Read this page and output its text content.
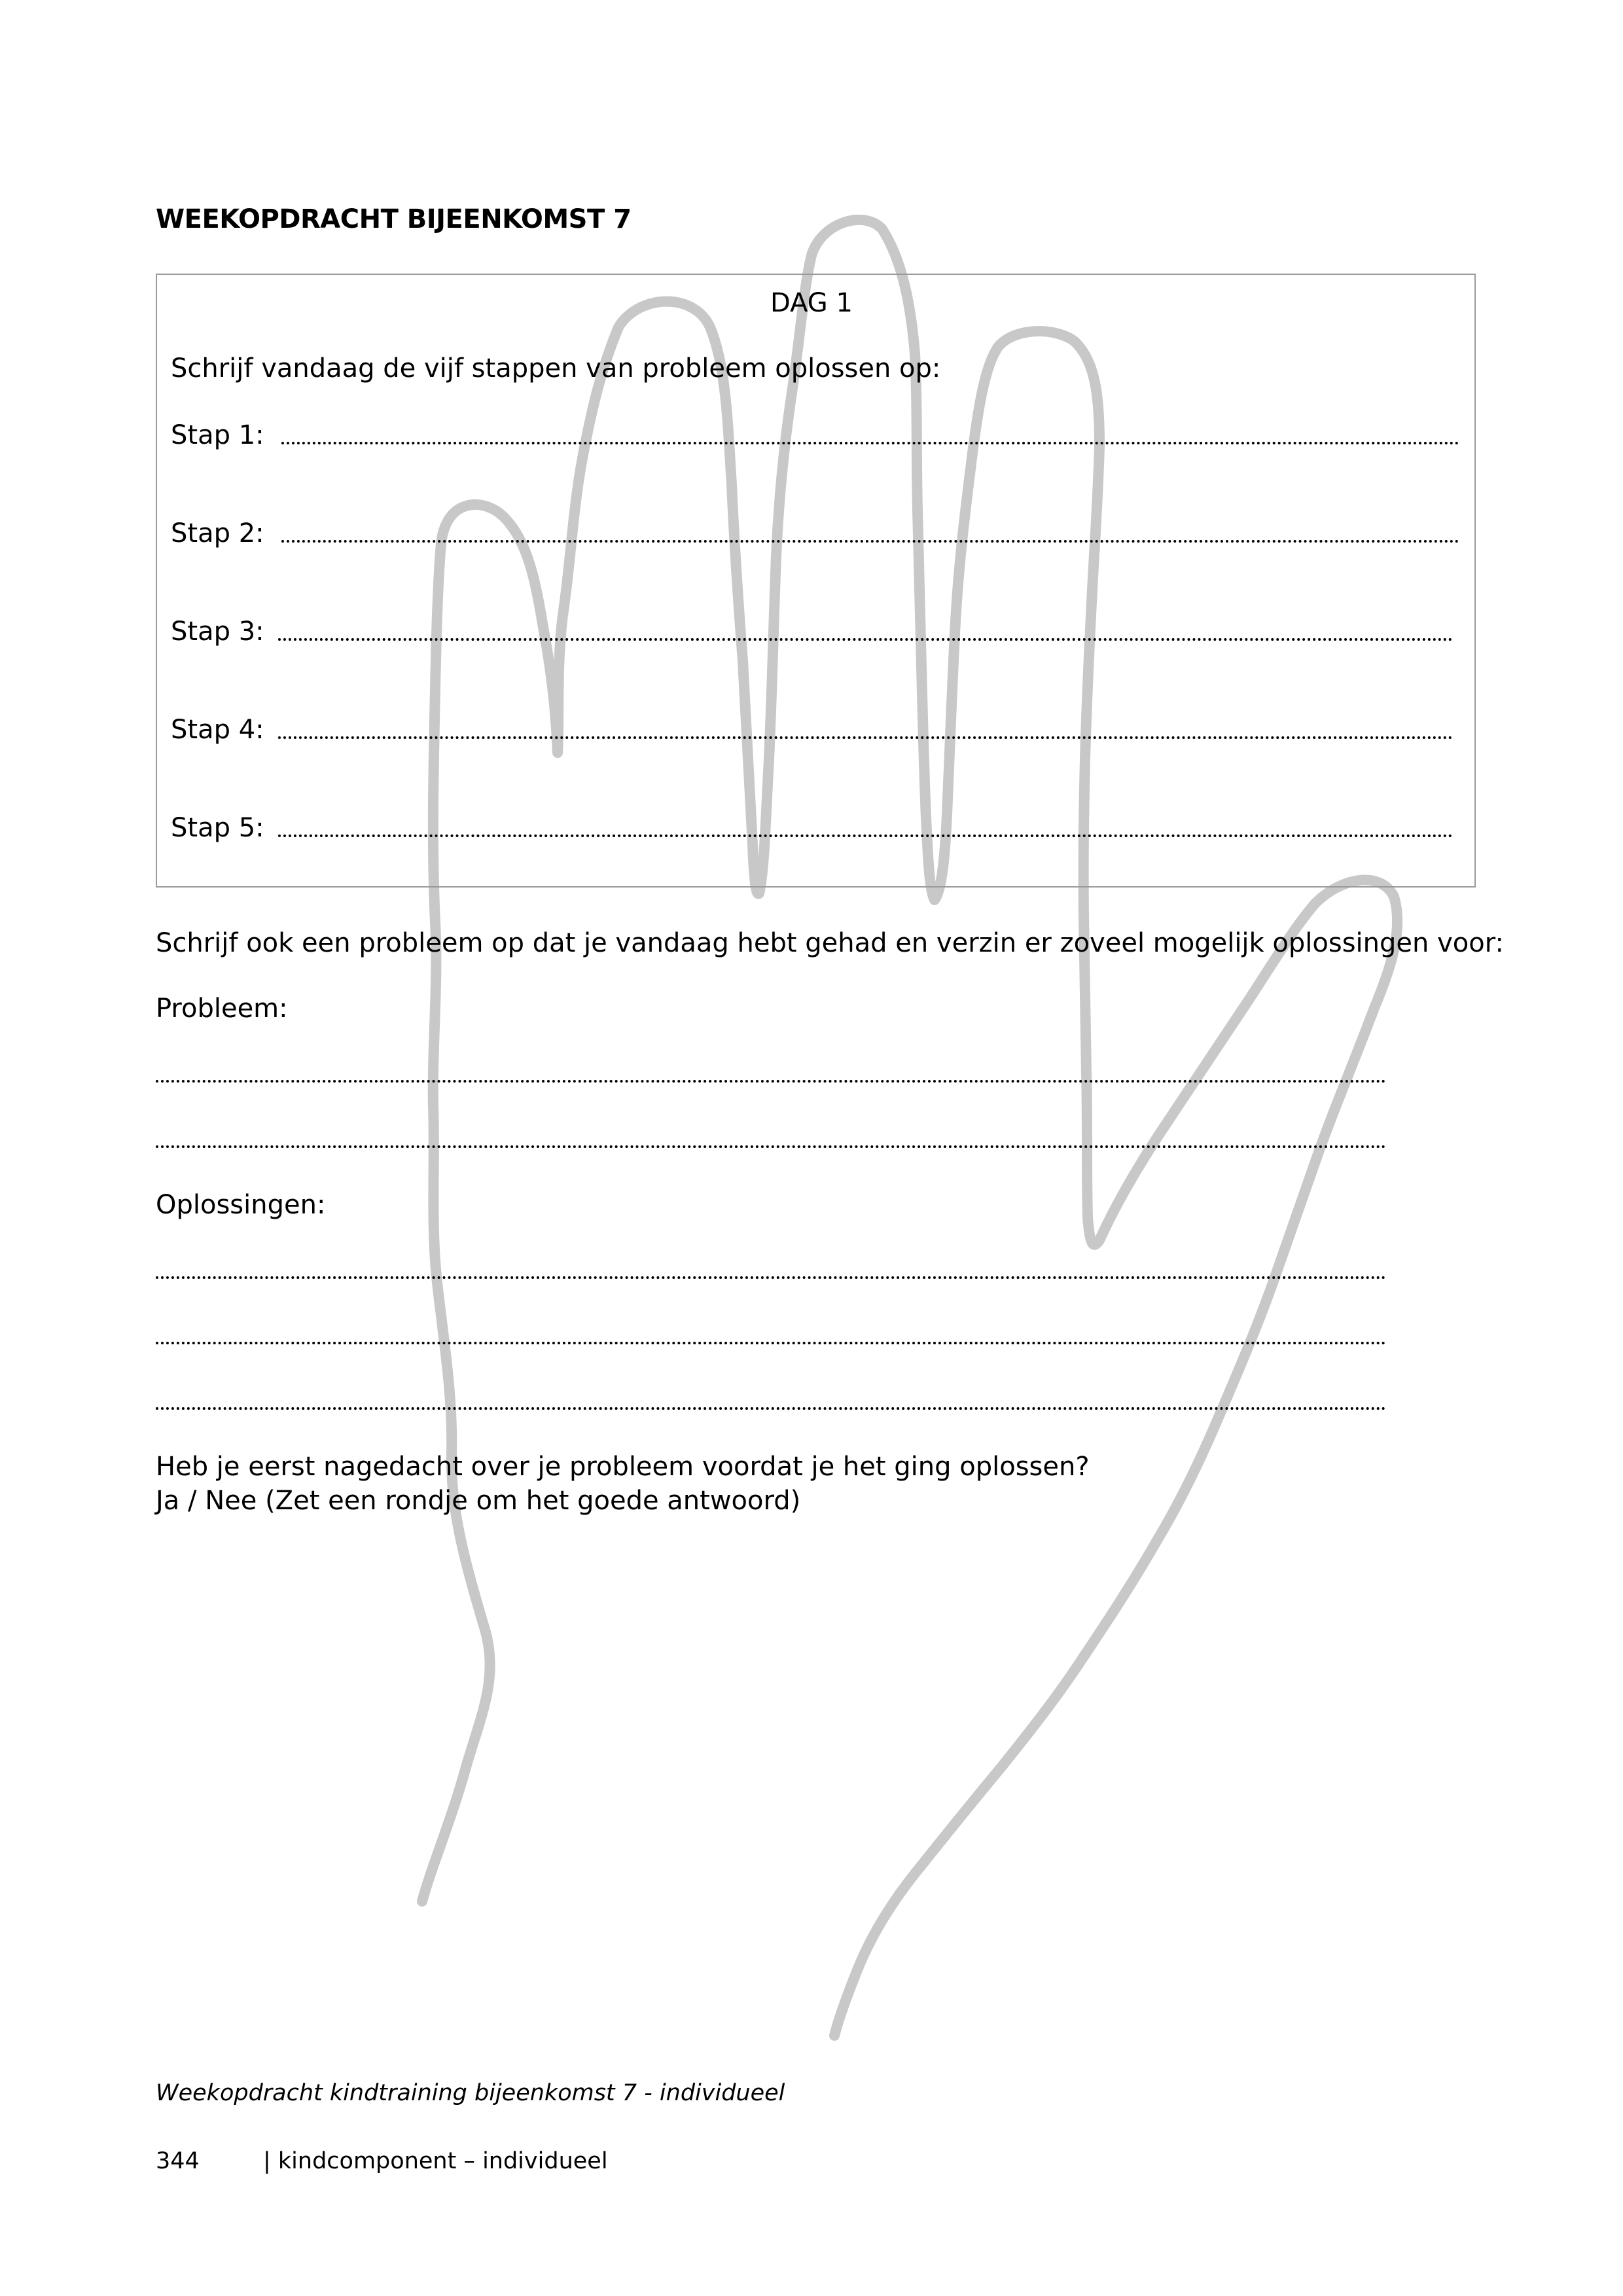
WEEKOPDRACHT BIJEENKOMST 7
DAG 1
Schrijf vandaag de vijf stappen van probleem oplossen op:
Stap 1:
Stap 2:
Stap 3:
Stap 4:
Stap 5:
Schrijf ook een probleem op dat je vandaag hebt gehad en verzin er zoveel mogelijk oplossingen voor:
Probleem:
Oplossingen:
Heb je eerst nagedacht over je probleem voordat je het ging oplossen?
Ja / Nee (Zet een rondje om het goede antwoord)
Weekopdracht kindtraining bijeenkomst 7 - individueel
344	| kindcomponent – individueel
